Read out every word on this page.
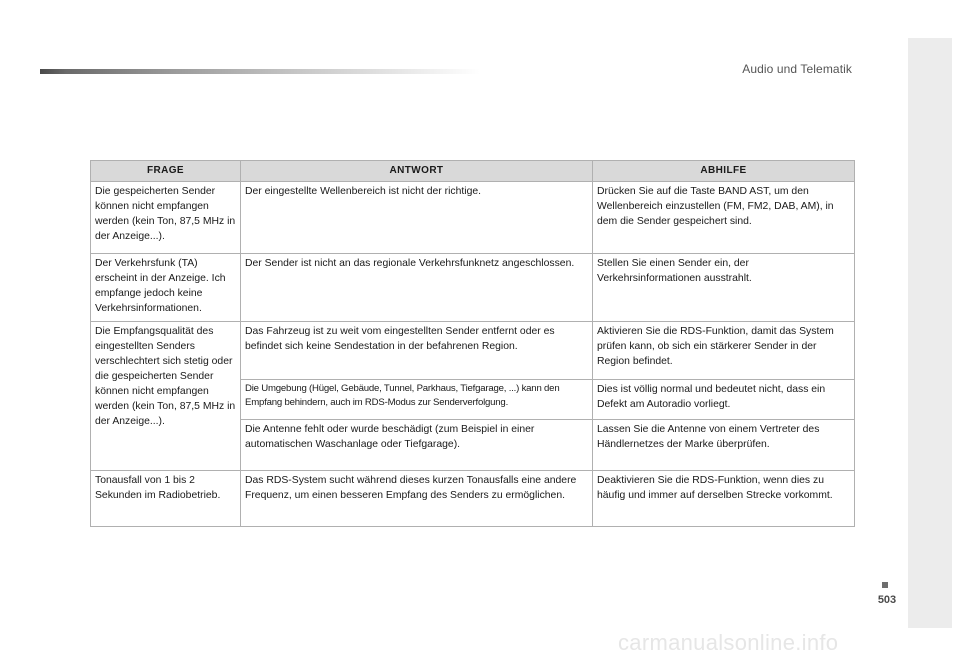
Audio und Telematik
FRAGE	ANTWORT	ABHILFE
Die gespeicherten Sender können nicht empfangen werden (kein Ton, 87,5 MHz in der Anzeige...).	Der eingestellte Wellenbereich ist nicht der richtige.	Drücken Sie auf die Taste BAND AST, um den Wellenbereich einzustellen (FM, FM2, DAB, AM), in dem die Sender gespeichert sind.
Der Verkehrsfunk (TA) erscheint in der Anzeige. Ich empfange jedoch keine Verkehrsinformationen.	Der Sender ist nicht an das regionale Verkehrsfunknetz angeschlossen.	Stellen Sie einen Sender ein, der Verkehrsinformationen ausstrahlt.
Die Empfangsqualität des eingestellten Senders verschlechtert sich stetig oder die gespeicherten Sender können nicht empfangen werden (kein Ton, 87,5 MHz in der Anzeige...).	Das Fahrzeug ist zu weit vom eingestellten Sender entfernt oder es befindet sich keine Sendestation in der befahrenen Region.	Aktivieren Sie die RDS-Funktion, damit das System prüfen kann, ob sich ein stärkerer Sender in der Region befindet.
	Die Umgebung (Hügel, Gebäude, Tunnel, Parkhaus, Tiefgarage, ...) kann den Empfang behindern, auch im RDS-Modus zur Senderverfolgung.	Dies ist völlig normal und bedeutet nicht, dass ein Defekt am Autoradio vorliegt.
	Die Antenne fehlt oder wurde beschädigt (zum Beispiel in einer automatischen Waschanlage oder Tiefgarage).	Lassen Sie die Antenne von einem Vertreter des Händlernetzes der Marke überprüfen.
Tonausfall von 1 bis 2 Sekunden im Radiobetrieb.	Das RDS-System sucht während dieses kurzen Tonausfalls eine andere Frequenz, um einen besseren Empfang des Senders zu ermöglichen.	Deaktivieren Sie die RDS-Funktion, wenn dies zu häufig und immer auf derselben Strecke vorkommt.
503
carmanualsonline.info
